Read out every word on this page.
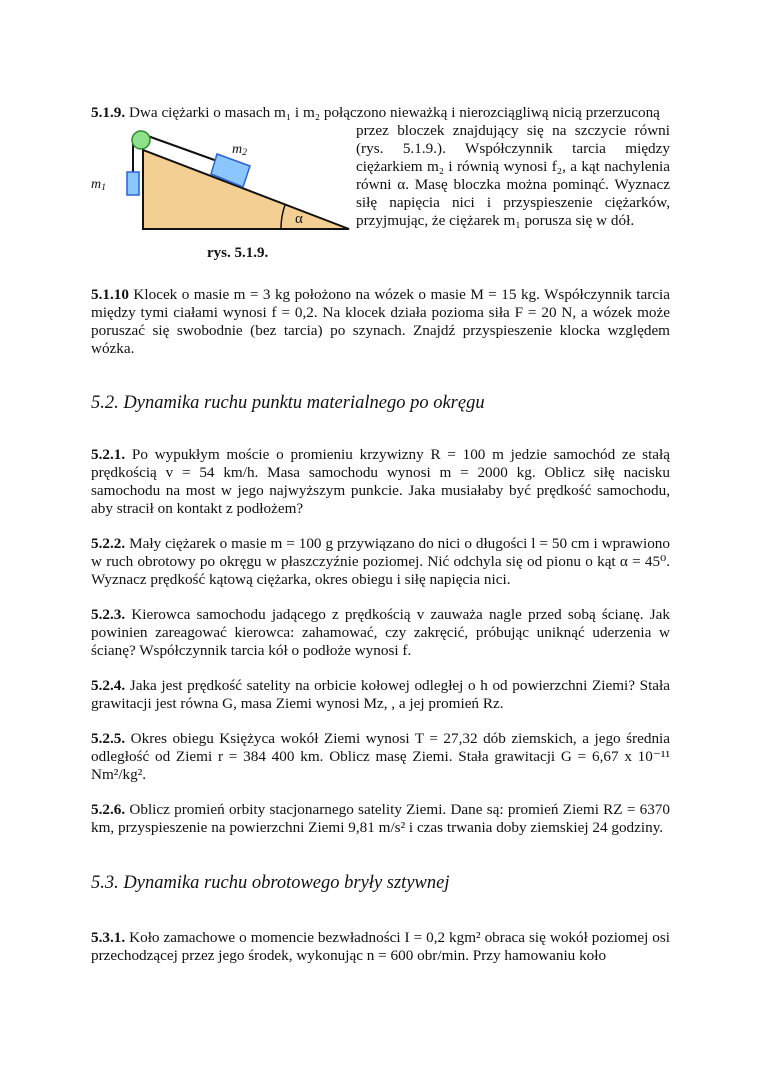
5.1.9. Dwa ciężarki o masach m₁ i m₂ połączono nieważką i nierozciągliwą nicią przerzuconą
$m_1$
$m_2$
α
rys. 5.1.9.
przez bloczek znajdujący się na szczycie równi (rys. 5.1.9.). Współczynnik tarcia między ciężarkiem m₂ i równią wynosi f₂, a kąt nachylenia równi α. Masę bloczka można pominąć. Wyznacz siłę napięcia nici i przyspieszenie ciężarków, przyjmując, że ciężarek m₁ porusza się w dół.
5.1.10 Klocek o masie m = 3 kg położono na wózek o masie M = 15 kg. Współczynnik tarcia między tymi ciałami wynosi f = 0,2. Na klocek działa pozioma siła F = 20 N, a wózek może poruszać się swobodnie (bez tarcia) po szynach. Znajdź przyspieszenie klocka względem wózka.
5.2. Dynamika ruchu punktu materialnego po okręgu
5.2.1. Po wypukłym moście o promieniu krzywizny R = 100 m jedzie samochód ze stałą prędkością v = 54 km/h. Masa samochodu wynosi m = 2000 kg. Oblicz siłę nacisku samochodu na most w jego najwyższym punkcie. Jaka musiałaby być prędkość samochodu, aby stracił on kontakt z podłożem?
5.2.2. Mały ciężarek o masie m = 100 g przywiązano do nici o długości l = 50 cm i wprawiono w ruch obrotowy po okręgu w płaszczyźnie poziomej. Nić odchyla się od pionu o kąt α = 45⁰. Wyznacz prędkość kątową ciężarka, okres obiegu i siłę napięcia nici.
5.2.3. Kierowca samochodu jadącego z prędkością v zauważa nagle przed sobą ścianę. Jak powinien zareagować kierowca: zahamować, czy zakręcić, próbując uniknąć uderzenia w ścianę? Współczynnik tarcia kół o podłoże wynosi f.
5.2.4. Jaka jest prędkość satelity na orbicie kołowej odległej o h od powierzchni Ziemi? Stała grawitacji jest równa G, masa Ziemi wynosi Mz, , a jej promień Rz.
5.2.5. Okres obiegu Księżyca wokół Ziemi wynosi T = 27,32 dób ziemskich, a jego średnia odległość od Ziemi r = 384 400 km. Oblicz masę Ziemi. Stała grawitacji G = 6,67 x 10⁻¹¹ Nm²/kg².
5.2.6. Oblicz promień orbity stacjonarnego satelity Ziemi. Dane są: promień Ziemi RZ = 6370 km, przyspieszenie na powierzchni Ziemi 9,81 m/s² i czas trwania doby ziemskiej 24 godziny.
5.3. Dynamika ruchu obrotowego bryły sztywnej
5.3.1. Koło zamachowe o momencie bezwładności I = 0,2 kgm² obraca się wokół poziomej osi przechodzącej przez jego środek, wykonując n = 600 obr/min. Przy hamowaniu koło
